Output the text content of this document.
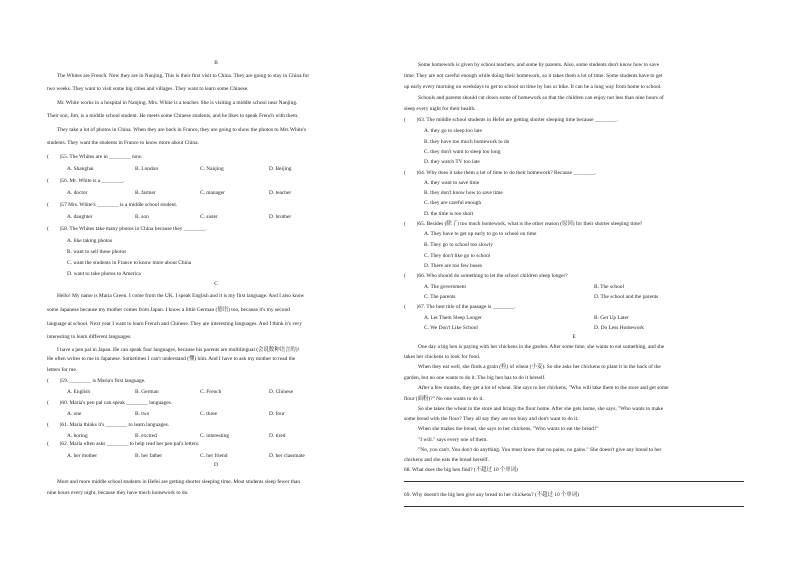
B
The Whites are French. Now they are in Nanjing. This is their first visit to China. They are going to stay in China for
two weeks. They want to visit some big cities and villages. They want to learn some Chinese.
Mr. White works in a hospital in Nanjing. Mrs. White is a teacher. She is visiting a middle school near Nanjing.
Their son, Jim, is a middle school student. He meets some Chinese students, and he likes to speak French with them.
They take a lot of photos in China. When they are back in France, they are going to show the photos to Mrs White's
students. They want the students in France to know more about China.
(　　)55. The Whites are in ________ now.
A. Shanghai	B. London	C. Nanjing	D. Beijing
(　　)56. Mr. White is a ________.
A. doctor	B. farmer	C. manager	D. teacher
(　　)57 Mrs. White's ________ is a middle school student.
A. daughter	B. son	C. sister	D. brother
(　　)58. The Whites take many photos in China because they ________.
A. like taking photos
B. want to sell these photos
C. want the students in France to know more about China
D. want to take photos to America
C
Hello! My name is Maria Green. I come from the UK. I speak English and it is my first language. And I also know
some Japanese because my mother comes from Japan. I know a little German (德语) too, because it's my second
language at school. Next year I want to learn French and Chinese. They are interesting languages. And I think it's very
interesting to learn different languages.
I have a pen pal in Japan. He can speak four languages, because his parents are multilingual (会说数种语言的)!
He often writes to me in Japanese. Sometimes I can't understand (懂) him. And I have to ask my mother to read the
letters for me.
(　　)59. ________ is Maria's first language.
A. English	B. German	C. French	D. Chinese
(　　)60. Maria's pen pal can speak ________ languages.
A. one	B. two	C. three	D. four
(　　)61. Maria thinks it's ________ to learn languages.
A. boring	B. excited	C. interesting	D. tired
(　　)62. Maria often asks ________ to help read her pen pal's letters.
A. her mother	B. her father	C. her friend	D. her classmate
D
More and more middle school students in Hefei are getting shorter sleeping time. Most students sleep fewer than
nine hours every night, because they have much homework to do.
Some homework is given by school teachers, and some by parents. Also, some students don't know how to save
time. They are not careful enough while doing their homework, so it takes them a lot of time. Some students have to get
up early every morning on weekdays to get to school on time by bus or bike. It can be a long way from home to school.
Schools and parents should cut down some of homework so that the children can enjoy not less than nine hours of
sleep every night for their health.
(　　)63. The middle school students in Hefei are getting shorter sleeping time because ________.
A. they go to sleep too late
B. they have too much homework to do
C. they don't want to sleep too long
D. they watch TV too late
(　　)64. Why does it take them a lot of time to do their homework? Because ________.
A. they want to save time
B. they don't know how to save time
C. they are careful enough
D. the time is too short
(　　)65. Besides (除了) too much homework, what is the other reason (原因) for their shorter sleeping time?
A. They have to get up early to go to school on time
B. They go to school too slowly
C. They don't like go to school
D. There are too few buses
(　　)66. Who should do something to let the school children sleep longer?
A. The government	B. The school
C. The parents	D. The school and the parents
(　　)67. The best title of the passage is ________.
A. Let Them Sleep Longer	B. Get Up Later
C. We Don't Like School	D. Do Less Homework
E
One day a big hen is paying with her chickens in the garden. After some time, she wants to eat something, and she
takes her chickens to look for food.
When they eat well, she finds a grain (粒) of wheat (小麦). So she asks her chickens to plant it in the back of the
garden, but no one wants to do it. The big hen has to do it herself.
After a few months, they get a lot of wheat. She says to her chickens, "Who will take them to the store and get some
flour (面粉)?" No one wants to do it.
So she takes the wheat to the store and brings the flour home. After she gets home, she says, "Who wants to make
some bread with the flour? They all say they are too busy and don't want to do it.
When she makes the bread, she says to her chickens, "Who wants to eat the bread?"
"I will." says every one of them.
"No, you can't. You don't do anything. You must know that no pains, no gains." She doesn't give any bread to her
chickens and she eats the bread herself.
68. What does the big hen find? (不超过 10 个单词)
69. Why doesn't the big hen give any bread to her chickens? (不超过 10 个单词)
